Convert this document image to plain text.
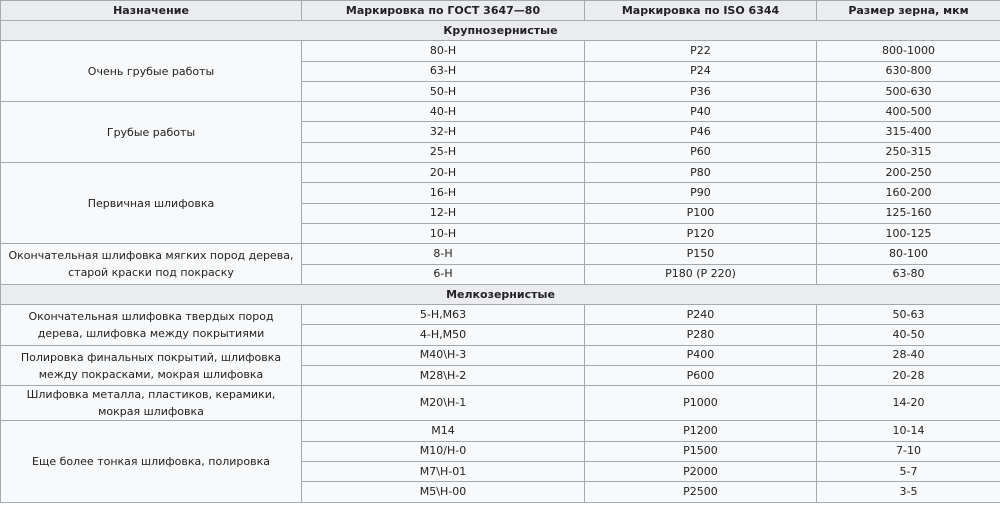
Назначение	Маркировка по ГОСТ 3647—80	Маркировка по ISO 6344	Размер зерна, мкм
Крупнозернистые			
Очень грубые работы	80-Н	P22	800-1000
	63-Н	P24	630-800
	50-Н	P36	500-630
Грубые работы	40-Н	P40	400-500
	32-Н	P46	315-400
	25-Н	P60	250-315
Первичная шлифовка	20-Н	P80	200-250
	16-Н	P90	160-200
	12-Н	P100	125-160
	10-Н	P120	100-125
Окончательная шлифовка мягких пород дерева, старой краски под покраску	8-Н	P150	80-100
	6-Н	P180 (P 220)	63-80
Мелкозернистые			
Окончательная шлифовка твердых пород дерева, шлифовка между покрытиями	5-Н,М63	P240	50-63
	4-Н,М50	P280	40-50
Полировка финальных покрытий, шлифовка между покрасками, мокрая шлифовка	М40\Н-3	P400	28-40
	М28\Н-2	P600	20-28
Шлифовка металла, пластиков, керамики, мокрая шлифовка	М20\Н-1	P1000	14-20
Еще более тонкая шлифовка, полировка	М14	P1200	10-14
	М10/Н-0	P1500	7-10
	М7\Н-01	P2000	5-7
	М5\Н-00	P2500	3-5
